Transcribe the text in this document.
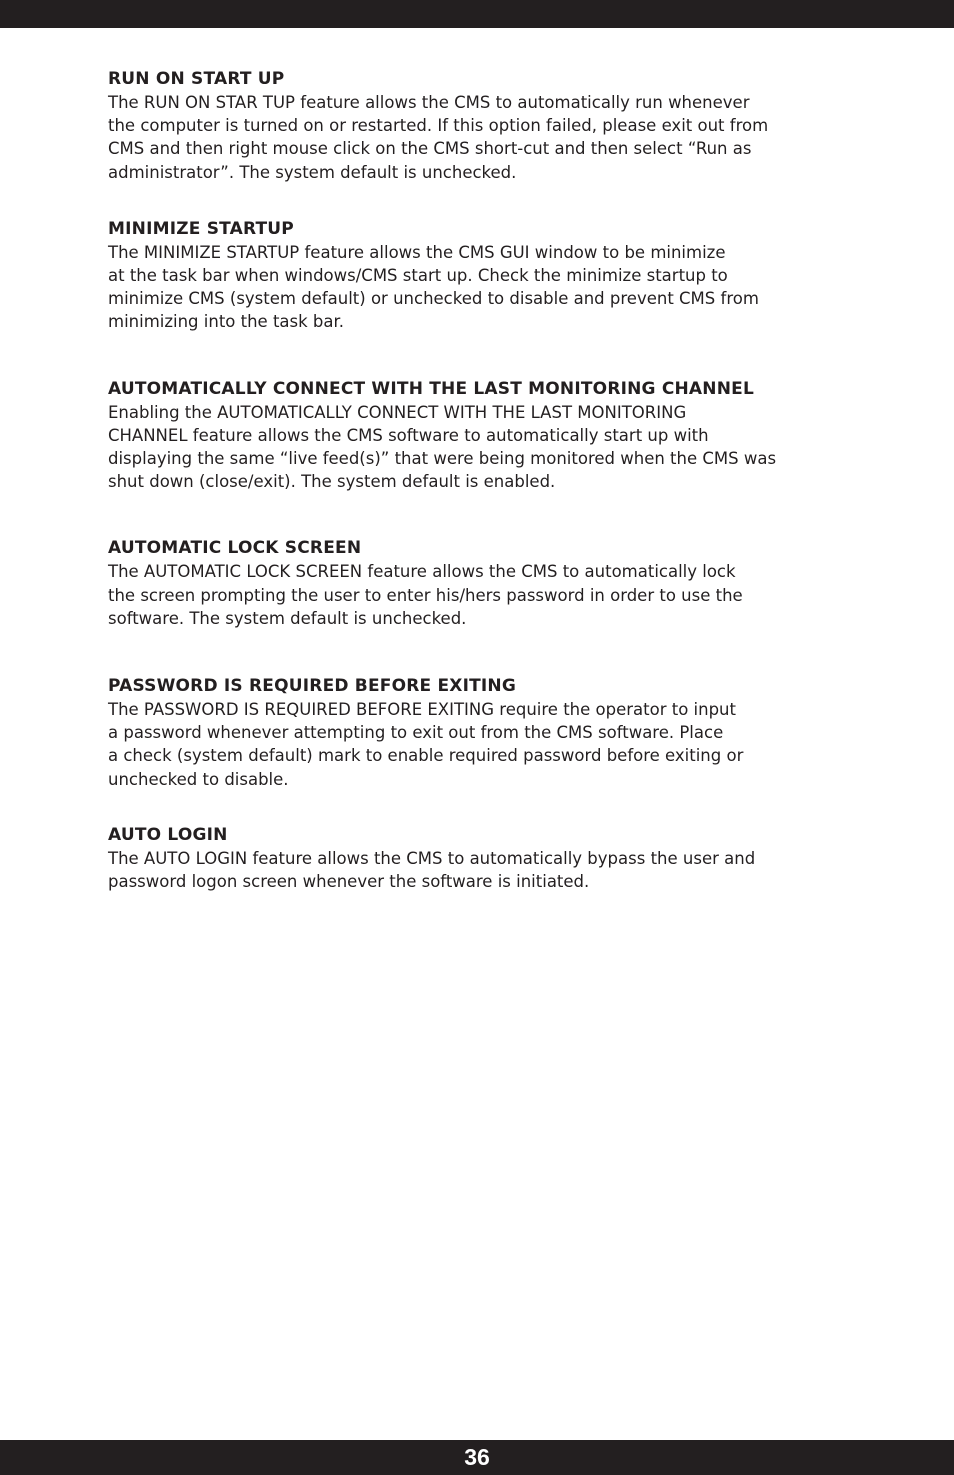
RUN ON START UP

The RUN ON STAR TUP feature allows the CMS to automatically run whenever

the computer is turned on or restarted. If this option failed, please exit out from

CMS and then right mouse click on the CMS short-cut and then select “Run as

administrator”. The system default is unchecked.

MINIMIZE STARTUP

The MINIMIZE STARTUP feature allows the CMS GUI window to be minimize

at the task bar when windows/CMS start up. Check the minimize startup to

minimize CMS (system default) or unchecked to disable and prevent CMS from

minimizing into the task bar.

AUTOMATICALLY CONNECT WITH THE LAST MONITORING CHANNEL

Enabling the AUTOMATICALLY CONNECT WITH THE LAST MONITORING

CHANNEL feature allows the CMS software to automatically start up with

displaying the same “live feed(s)” that were being monitored when the CMS was

shut down (close/exit). The system default is enabled.

AUTOMATIC LOCK SCREEN

The AUTOMATIC LOCK SCREEN feature allows the CMS to automatically lock

the screen prompting the user to enter his/hers password in order to use the

software. The system default is unchecked.

PASSWORD IS REQUIRED BEFORE EXITING

The PASSWORD IS REQUIRED BEFORE EXITING require the operator to input

a password whenever attempting to exit out from the CMS software. Place

a check (system default) mark to enable required password before exiting or

unchecked to disable.

AUTO LOGIN

The AUTO LOGIN feature allows the CMS to automatically bypass the user and

password logon screen whenever the software is initiated.

36
